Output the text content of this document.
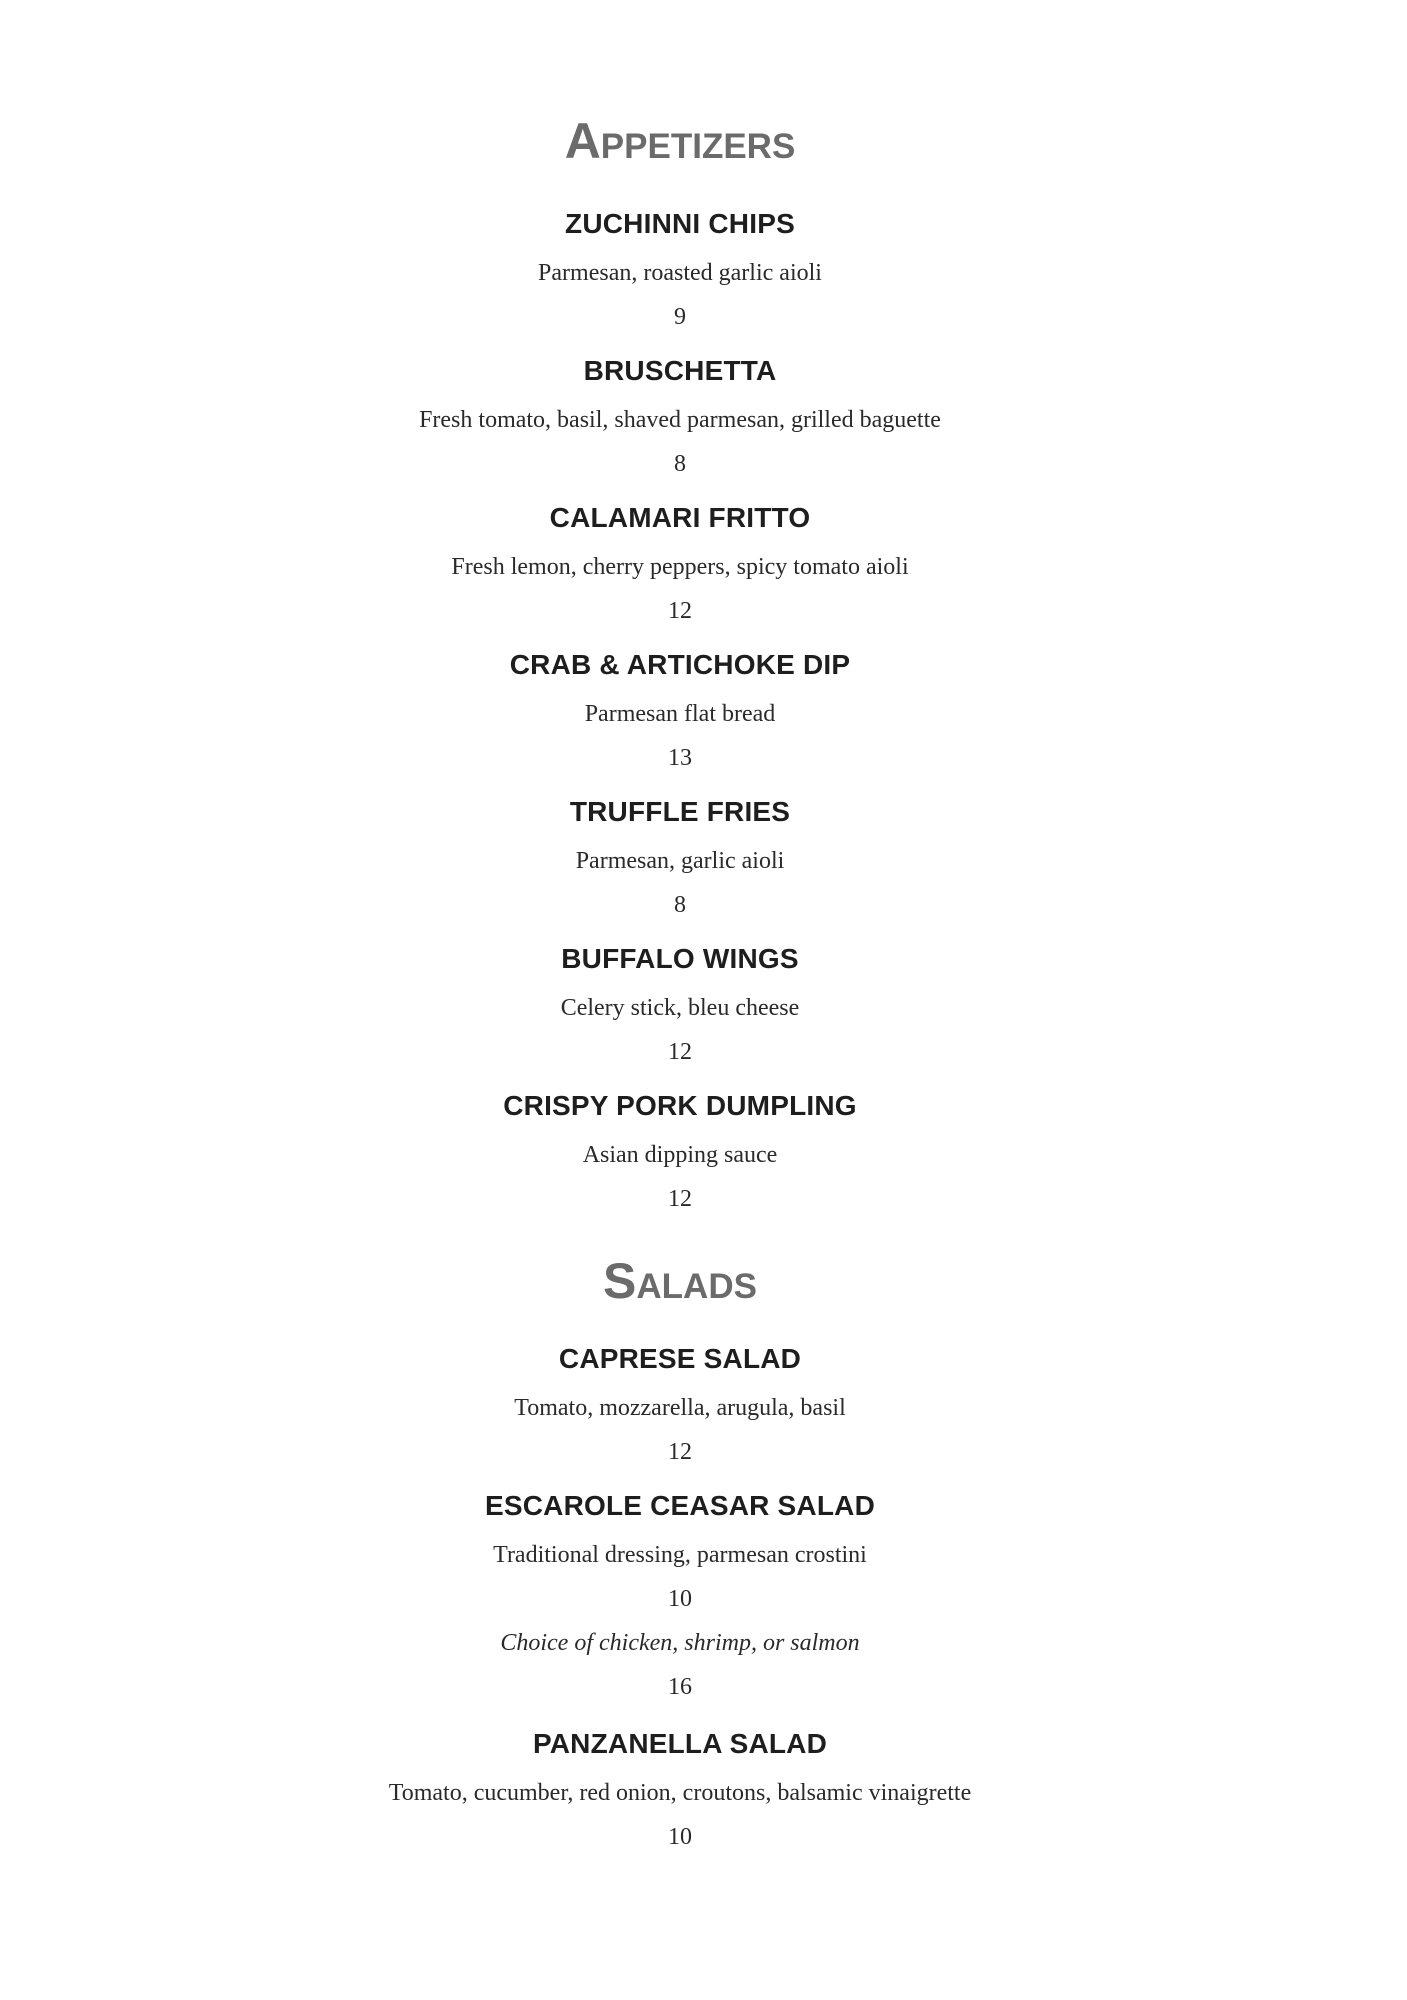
Appetizers
ZUCHINNI CHIPS
Parmesan, roasted garlic aioli
9
BRUSCHETTA
Fresh tomato, basil, shaved parmesan, grilled baguette
8
CALAMARI FRITTO
Fresh lemon, cherry peppers, spicy tomato aioli
12
CRAB & ARTICHOKE DIP
Parmesan flat bread
13
TRUFFLE FRIES
Parmesan, garlic aioli
8
BUFFALO WINGS
Celery stick, bleu cheese
12
CRISPY PORK DUMPLING
Asian dipping sauce
12
Salads
CAPRESE SALAD
Tomato, mozzarella, arugula, basil
12
ESCAROLE CEASAR SALAD
Traditional dressing, parmesan crostini
10
Choice of chicken, shrimp, or salmon
16
PANZANELLA SALAD
Tomato, cucumber, red onion, croutons, balsamic vinaigrette
10
